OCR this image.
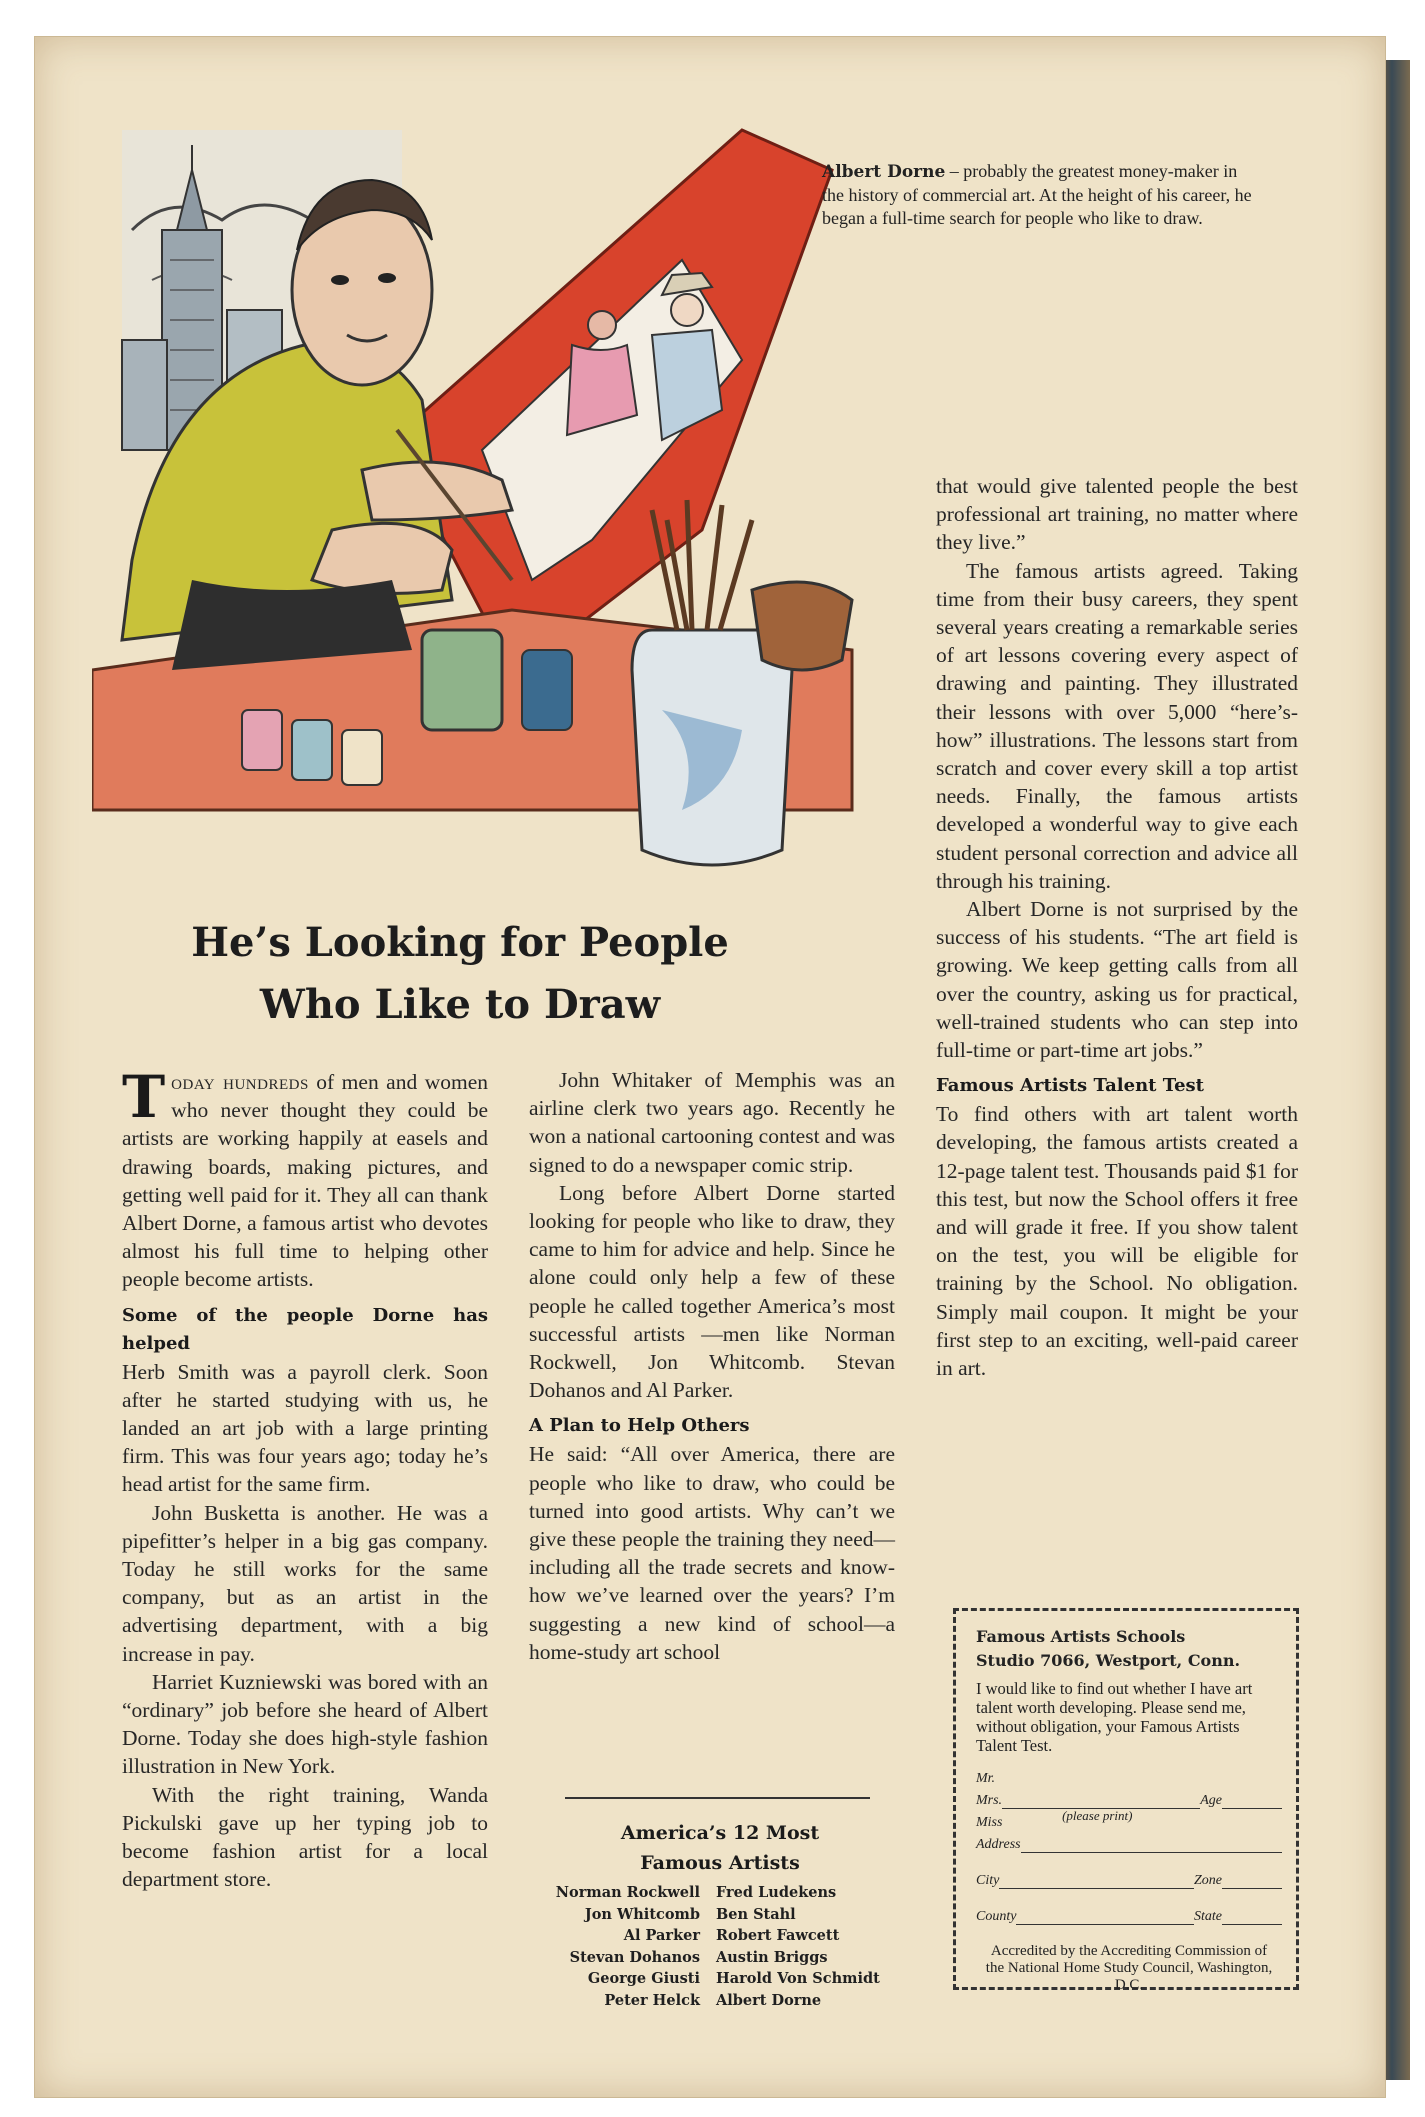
Albert Dorne – probably the greatest money-maker in the history of commercial art. At the height of his career, he began a full-time search for people who like to draw.
He’s Looking for People
Who Like to Draw

Today hundreds of men and women who never thought they could be artists are working happily at easels and drawing boards, making pictures, and getting well paid for it. They all can thank Albert Dorne, a famous artist who devotes almost his full time to helping other people become artists.

Some of the people Dorne has helped

Herb Smith was a payroll clerk. Soon after he started studying with us, he landed an art job with a large printing firm. This was four years ago; today he’s head artist for the same firm.

John Busketta is another. He was a pipefitter’s helper in a big gas company. Today he still works for the same company, but as an artist in the advertising department, with a big increase in pay.

Harriet Kuzniewski was bored with an “ordinary” job before she heard of Albert Dorne. Today she does high-style fashion illustration in New York.

With the right training, Wanda Pickulski gave up her typing job to become fashion artist for a local department store.

John Whitaker of Memphis was an airline clerk two years ago. Recently he won a national cartooning contest and was signed to do a newspaper comic strip.

Long before Albert Dorne started looking for people who like to draw, they came to him for advice and help. Since he alone could only help a few of these people he called together America’s most successful artists —men like Norman Rockwell, Jon Whitcomb. Stevan Dohanos and Al Parker.

A Plan to Help Others

He said: “All over America, there are people who like to draw, who could be turned into good artists. Why can’t we give these people the training they need—including all the trade secrets and know-how we’ve learned over the years? I’m suggesting a new kind of school—a home-study art school

that would give talented people the best professional art training, no matter where they live.”

The famous artists agreed. Taking time from their busy careers, they spent several years creating a remarkable series of art lessons covering every aspect of drawing and painting. They illustrated their lessons with over 5,000 “here’s-how” illustrations. The lessons start from scratch and cover every skill a top artist needs. Finally, the famous artists developed a wonderful way to give each student personal correction and advice all through his training.

Albert Dorne is not surprised by the success of his students. “The art field is growing. We keep getting calls from all over the country, asking us for practical, well-trained students who can step into full-time or part-time art jobs.”

Famous Artists Talent Test

To find others with art talent worth developing, the famous artists created a 12-page talent test. Thousands paid $1 for this test, but now the School offers it free and will grade it free. If you show talent on the test, you will be eligible for training by the School. No obligation. Simply mail coupon. It might be your first step to an exciting, well-paid career in art.

America’s 12 Most
Famous Artists
Norman Rockwell	Fred Ludekens
Jon Whitcomb	Ben Stahl
Al Parker	Robert Fawcett
Stevan Dohanos	Austin Briggs
George Giusti	Harold Von Schmidt
Peter Helck	Albert Dorne
Famous Artists Schools
Studio 7066, Westport, Conn.
I would like to find out whether I have art talent worth developing. Please send me, without obligation, your Famous Artists Talent Test.
Mr.
Mrs.
(please print)
Age
Miss
Address
City	Zone
County	State
Accredited by the Accrediting Commission of the National Home Study Council, Washington, D.C.
